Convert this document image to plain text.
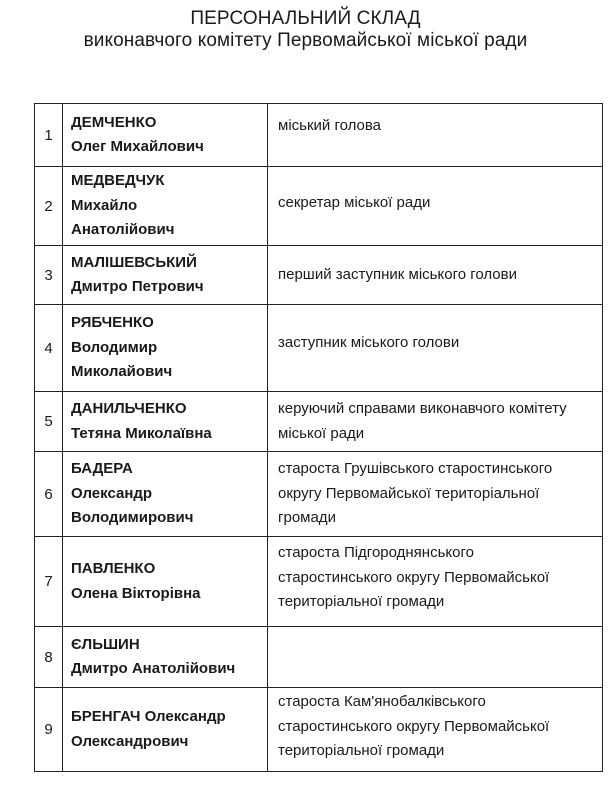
ПЕРСОНАЛЬНИЙ СКЛАД
виконавчого комітету Первомайської міської ради
1	ДЕМЧЕНКО
Олег Михайлович	міський голова

2	МЕДВЕДЧУК
Михайло
Анатолійович	секретар міської ради

3	МАЛІШЕВСЬКИЙ
Дмитро Петрович	перший заступник міського голови

4	РЯБЧЕНКО
Володимир
Миколайович	заступник міського голови

5	ДАНИЛЬЧЕНКО
Тетяна Миколаївна	керуючий справами виконавчого комітету
міської ради

6	БАДЕРА
Олександр
Володимирович	староста Грушівського старостинського
округу Первомайської територіальної
громади

7	ПАВЛЕНКО
Олена Вікторівна	староста Підгороднянського
старостинського округу Первомайської
територіальної громади

8	ЄЛЬШИН
Дмитро Анатолійович	

9	БРЕНГАЧ Олександр
Олександрович	староста Кам'янобалківського
старостинського округу Первомайської
територіальної громади
